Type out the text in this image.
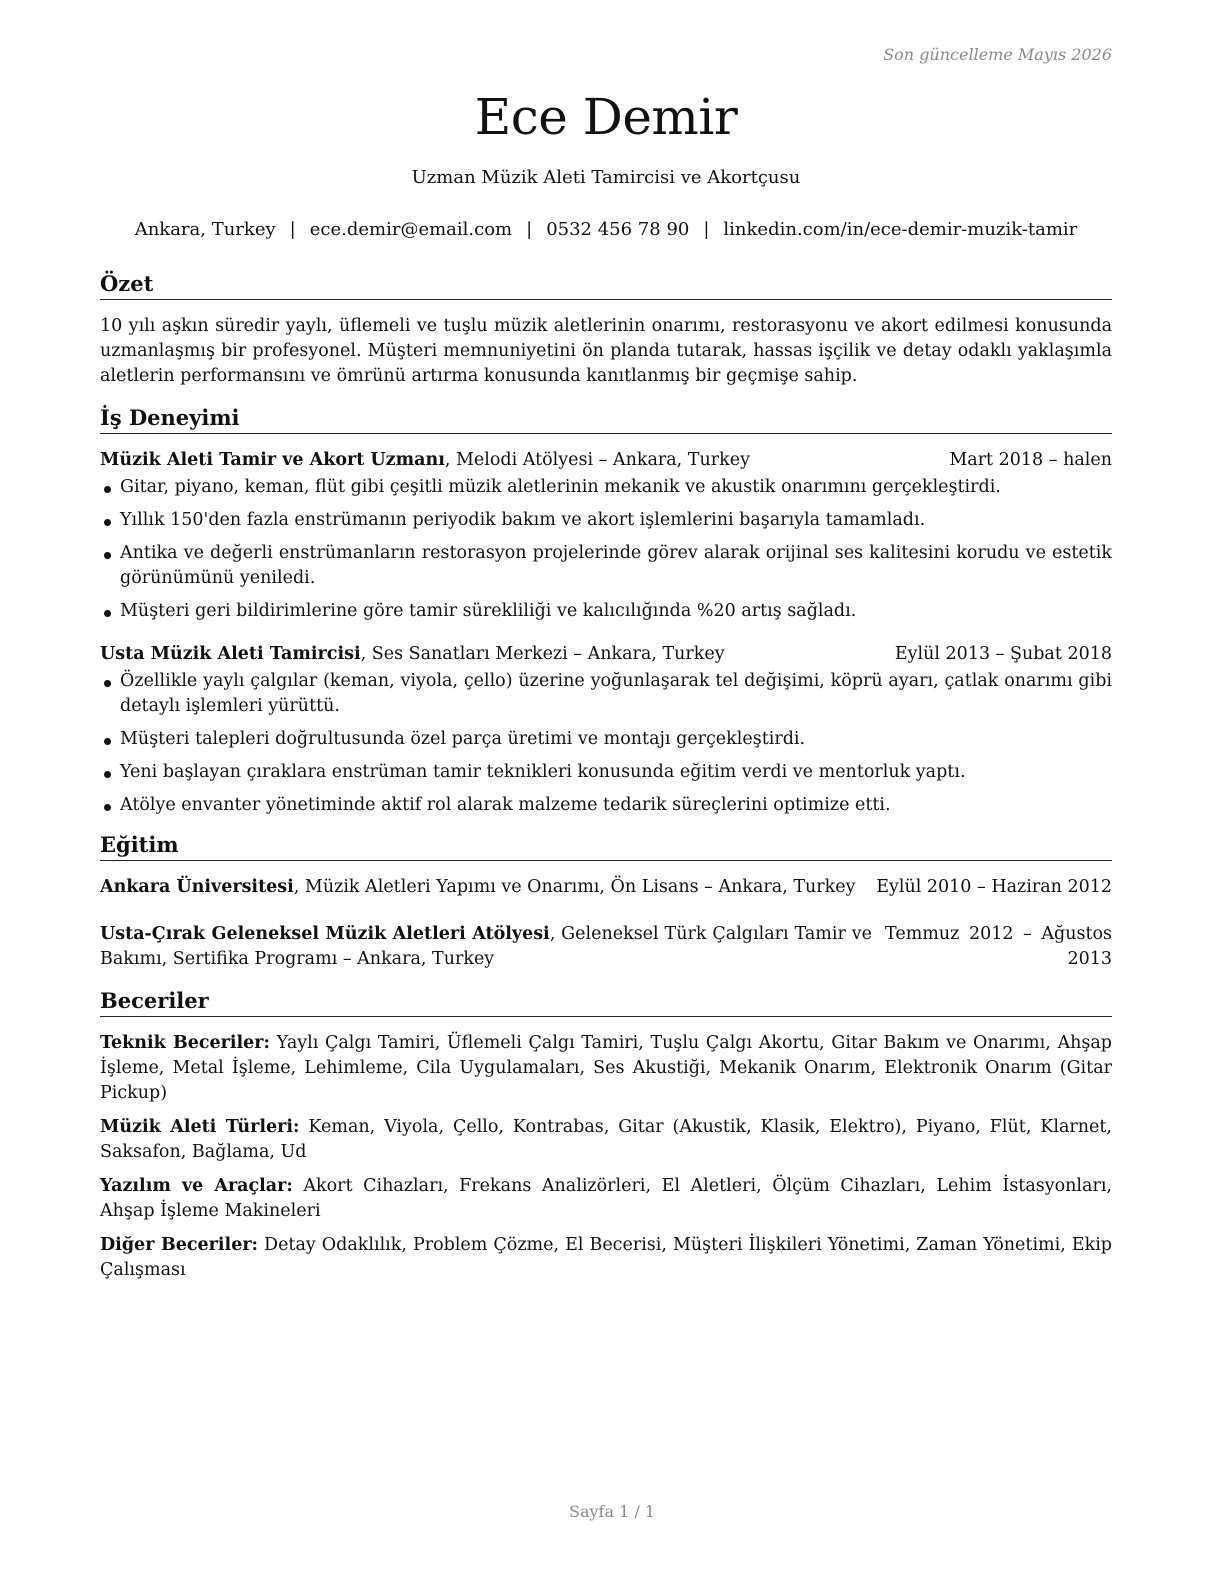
Son güncelleme Mayıs 2026
Ece Demir
Uzman Müzik Aleti Tamircisi ve Akortçusu
Ankara, Turkey | ece.demir@email.com | 0532 456 78 90 | linkedin.com/in/ece-demir-muzik-tamir
Özet

10 yılı aşkın süredir yaylı, üflemeli ve tuşlu müzik aletlerinin onarımı, restorasyonu ve akort edilmesi konusunda uzmanlaşmış bir profesyonel. Müşteri memnuniyetini ön planda tutarak, hassas işçilik ve detay odaklı yaklaşımla aletlerin performansını ve ömrünü artırma konusunda kanıtlanmış bir geçmişe sahip.

İş Deneyimi
Müzik Aleti Tamir ve Akort Uzmanı, Melodi Atölyesi – Ankara, Turkey	Mart 2018 – halen
Gitar, piyano, keman, flüt gibi çeşitli müzik aletlerinin mekanik ve akustik onarımını gerçekleştirdi.
Yıllık 150'den fazla enstrümanın periyodik bakım ve akort işlemlerini başarıyla tamamladı.
Antika ve değerli enstrümanların restorasyon projelerinde görev alarak orijinal ses kalitesini korudu ve estetik görünümünü yeniledi.
Müşteri geri bildirimlerine göre tamir sürekliliği ve kalıcılığında %20 artış sağladı.
Usta Müzik Aleti Tamircisi, Ses Sanatları Merkezi – Ankara, Turkey	Eylül 2013 – Şubat 2018
Özellikle yaylı çalgılar (keman, viyola, çello) üzerine yoğunlaşarak tel değişimi, köprü ayarı, çatlak onarımı gibi detaylı işlemleri yürüttü.
Müşteri talepleri doğrultusunda özel parça üretimi ve montajı gerçekleştirdi.
Yeni başlayan çıraklara enstrüman tamir teknikleri konusunda eğitim verdi ve mentorluk yaptı.
Atölye envanter yönetiminde aktif rol alarak malzeme tedarik süreçlerini optimize etti.
Eğitim
Ankara Üniversitesi, Müzik Aletleri Yapımı ve Onarımı, Ön Lisans – Ankara, Turkey	Eylül 2010 – Haziran 2012
Usta-Çırak Geleneksel Müzik Aletleri Atölyesi, Geleneksel Türk Çalgıları Tamir ve Bakımı, Sertifika Programı – Ankara, Turkey
Temmuz 2012 – Ağustos 2013
Beceriler

Teknik Beceriler: Yaylı Çalgı Tamiri, Üflemeli Çalgı Tamiri, Tuşlu Çalgı Akortu, Gitar Bakım ve Onarımı, Ahşap İşleme, Metal İşleme, Lehimleme, Cila Uygulamaları, Ses Akustiği, Mekanik Onarım, Elektronik Onarım (Gitar Pickup)

Müzik Aleti Türleri: Keman, Viyola, Çello, Kontrabas, Gitar (Akustik, Klasik, Elektro), Piyano, Flüt, Klarnet, Saksafon, Bağlama, Ud

Yazılım ve Araçlar: Akort Cihazları, Frekans Analizörleri, El Aletleri, Ölçüm Cihazları, Lehim İstasyonları, Ahşap İşleme Makineleri

Diğer Beceriler: Detay Odaklılık, Problem Çözme, El Becerisi, Müşteri İlişkileri Yönetimi, Zaman Yönetimi, Ekip Çalışması

Sayfa 1 / 1
